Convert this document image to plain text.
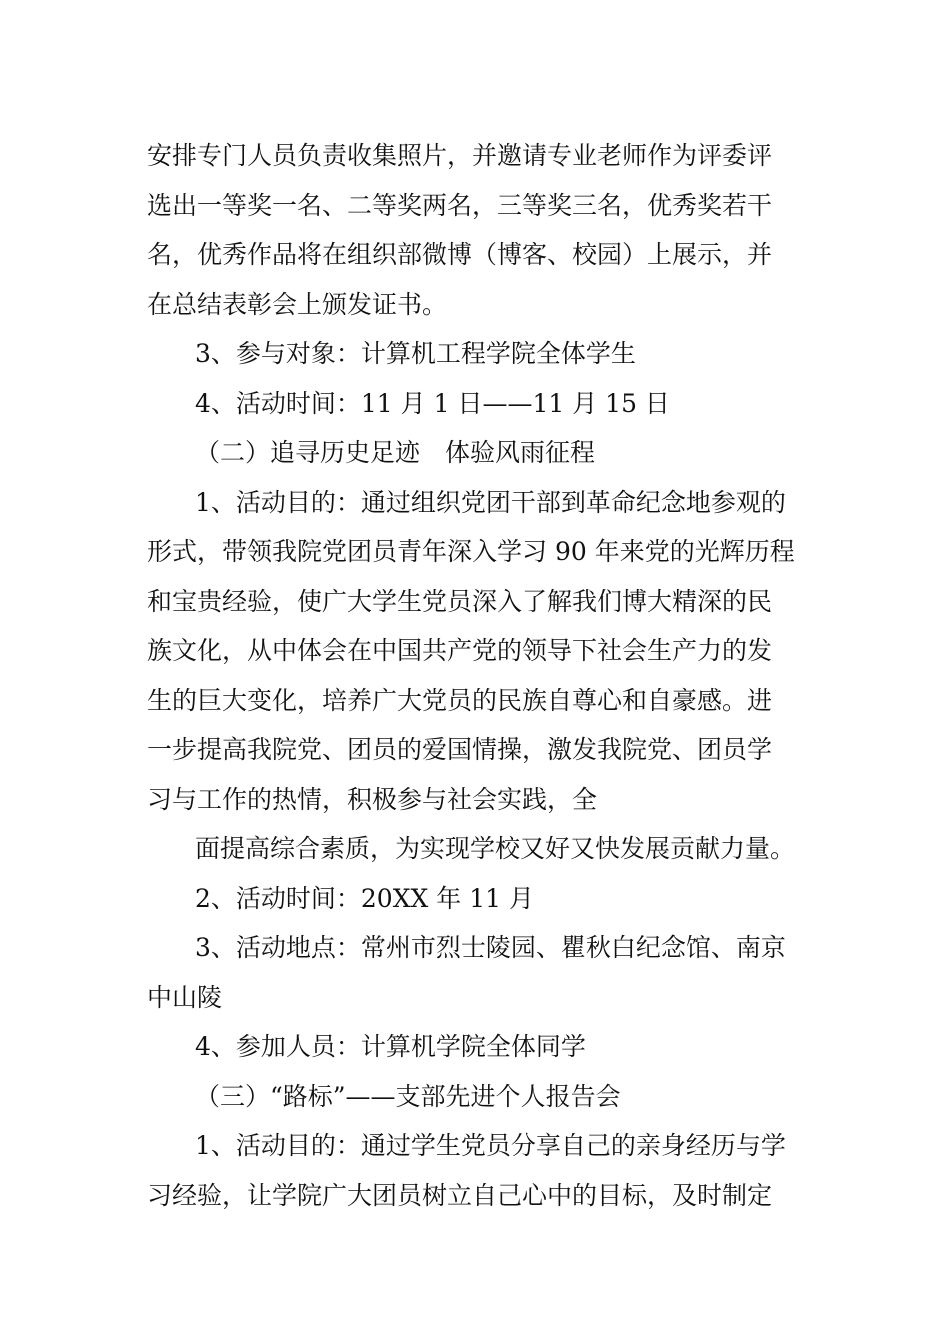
安排专门人员负责收集照片，并邀请专业老师作为评委评
选出一等奖一名、二等奖两名，三等奖三名，优秀奖若干
名，优秀作品将在组织部微博（博客、校园）上展示，并
在总结表彰会上颁发证书。
3、参与对象：计算机工程学院全体学生
4、活动时间：11 月 1 日——11 月 15 日
（二）追寻历史足迹　体验风雨征程
1、活动目的：通过组织党团干部到革命纪念地参观的
形式，带领我院党团员青年深入学习 90 年来党的光辉历程
和宝贵经验，使广大学生党员深入了解我们博大精深的民
族文化，从中体会在中国共产党的领导下社会生产力的发
生的巨大变化，培养广大党员的民族自尊心和自豪感。进
一步提高我院党、团员的爱国情操，激发我院党、团员学
习与工作的热情，积极参与社会实践，全
面提高综合素质，为实现学校又好又快发展贡献力量。
2、活动时间：20XX 年 11 月
3、活动地点：常州市烈士陵园、瞿秋白纪念馆、南京
中山陵
4、参加人员：计算机学院全体同学
（三）“路标”——支部先进个人报告会
1、活动目的：通过学生党员分享自己的亲身经历与学
习经验，让学院广大团员树立自己心中的目标，及时制定
